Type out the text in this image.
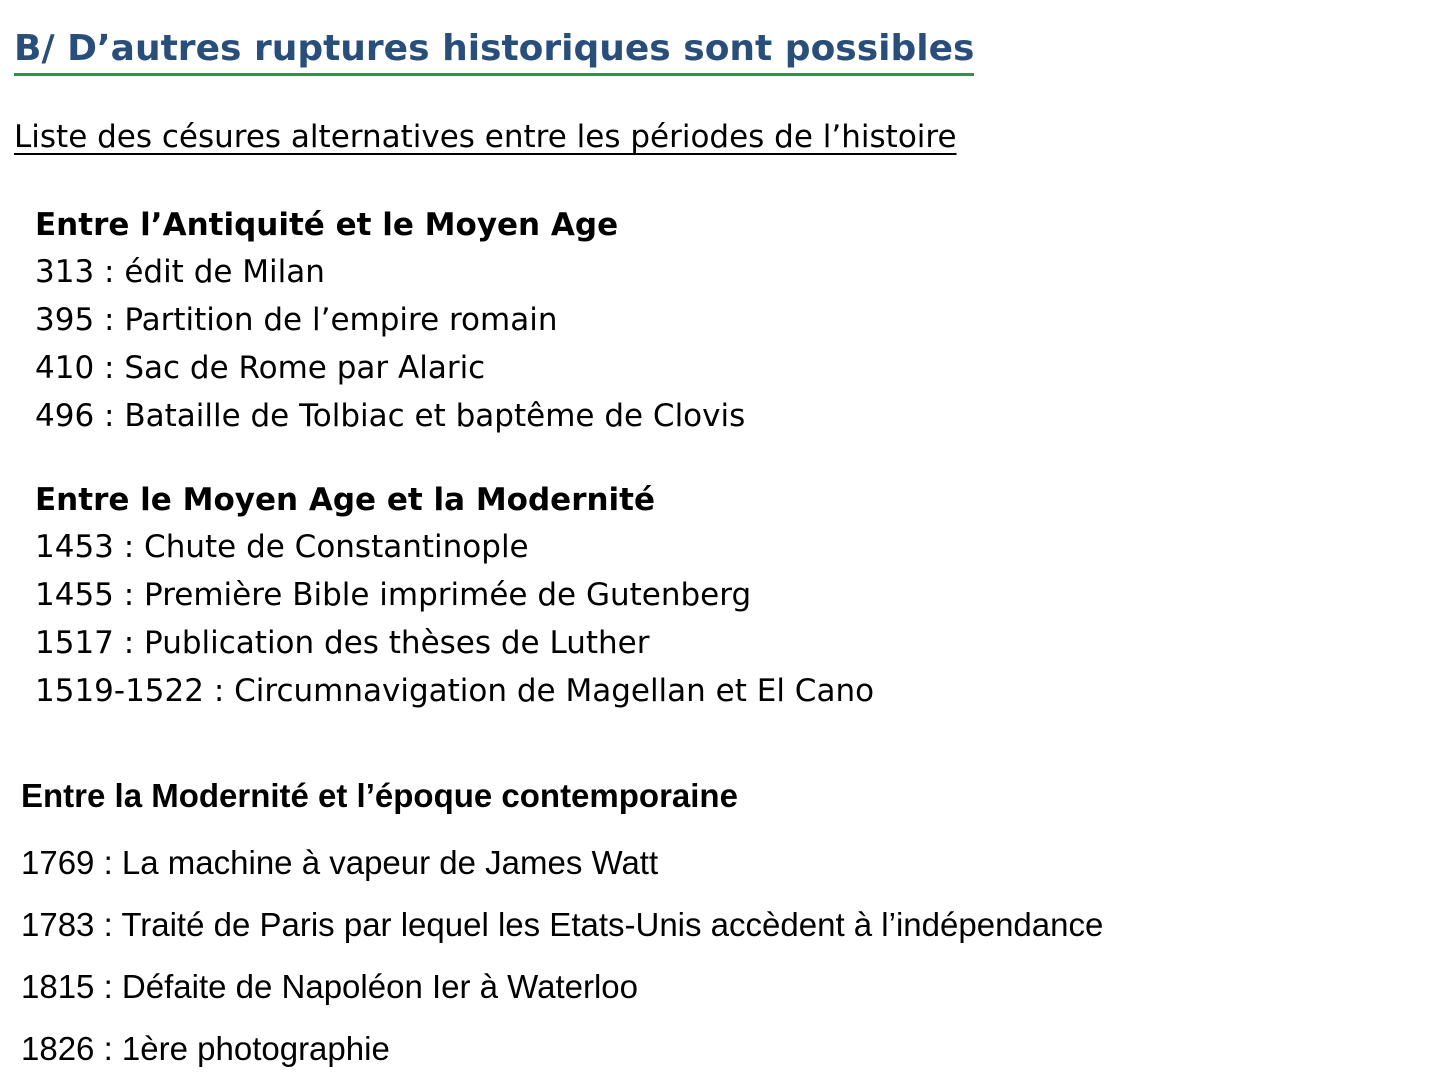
B/ D’autres ruptures historiques sont possibles

Liste des césures alternatives entre les périodes de l’histoire

Entre l’Antiquité et le Moyen Age
313 : édit de Milan
395 : Partition de l’empire romain
410 : Sac de Rome par Alaric
496 : Bataille de Tolbiac et baptême de Clovis
Entre le Moyen Age et la Modernité
1453 : Chute de Constantinople
1455 : Première Bible imprimée de Gutenberg
1517 : Publication des thèses de Luther
1519-1522 : Circumnavigation de Magellan et El Cano
Entre la Modernité et l’époque contemporaine
1769 : La machine à vapeur de James Watt
1783 : Traité de Paris par lequel les Etats-Unis accèdent à l’indépendance
1815 : Défaite de Napoléon Ier à Waterloo
1826 : 1ère photographie
